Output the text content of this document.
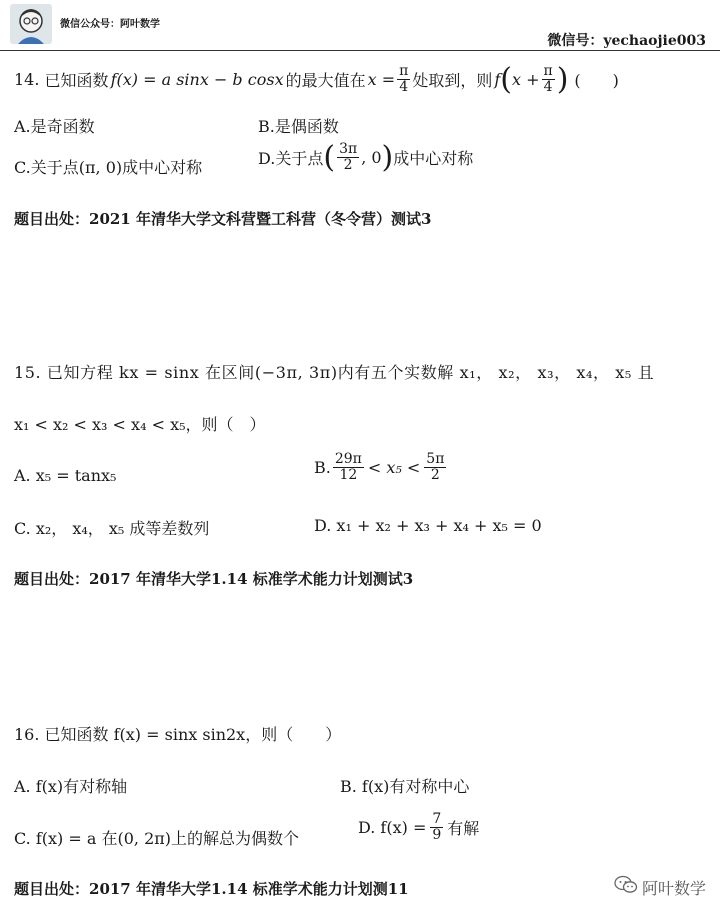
微信公众号：阿叶数学
微信号：yechaojie003
14.
已知函数 f(x) = a sinx − b cosx 的最大值在 $x = \frac{\pi}{4}$ 处取到，则 f ( $x + \frac{\pi}{4}$ ) (　　)
A.是奇函数	B.是偶函数
C.关于点(π, 0)成中心对称	D.关于点 ( $\frac{3\pi}{2}$ , 0 ) 成中心对称
题目出处：2021 年清华大学文科营暨工科营（冬令营）测试3
15. 已知方程 kx = sinx 在区间(−3π, 3π)内有五个实数解 x₁， x₂， x₃， x₄， x₅ 且
x₁ < x₂ < x₃ < x₄ < x₅，则（　）
A. x₅ = tanx₅	B. $\frac{29\pi}{12} < x_5 < \frac{5\pi}{2}$
C. x₂， x₄， x₅ 成等差数列	D. x₁ + x₂ + x₃ + x₄ + x₅ = 0
题目出处：2017 年清华大学1.14 标准学术能力计划测试3
16. 已知函数 f(x) = sinx sin2x，则（　　）
A. f(x)有对称轴	B. f(x)有对称中心
C. f(x) = a 在(0, 2π)上的解总为偶数个
D. $f(x) = \frac{7}{9}$ 有解
题目出处：2017 年清华大学1.14 标准学术能力计划测11	阿叶数学
